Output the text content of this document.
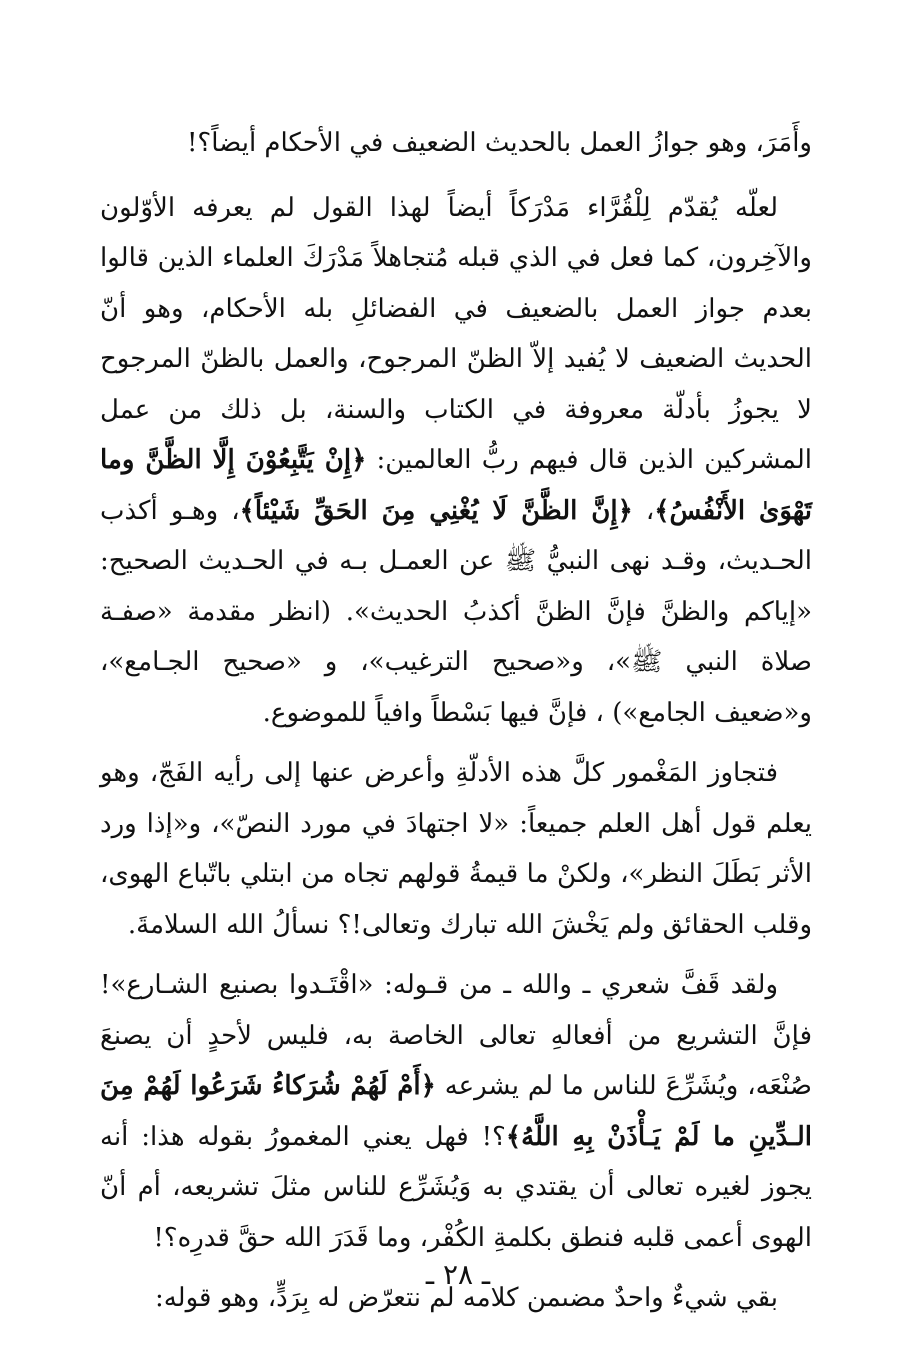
وأَمَرَ، وهو جوازُ العمل بالحديث الضعيف في الأحكام أيضاً؟!

لعلّه يُقدّم لِلْقُرَّاء مَدْرَكاً أيضاً لهذا القول لم يعرفه الأوّلون والآخِرون، كما فعل في الذي قبله مُتجاهلاً مَدْرَكَ العلماء الذين قالوا بعدم جواز العمل بالضعيف في الفضائلِ بله الأحكام، وهو أنّ الحديث الضعيف لا يُفيد إلاّ الظنّ المرجوح، والعمل بالظنّ المرجوح لا يجوزُ بأدلّة معروفة في الكتاب والسنة، بل ذلك من عمل المشركين الذين قال فيهم ربُّ العالمين: ﴿إِنْ يَتَّبِعُوْنَ إِلَّا الظَّنَّ وما تَهْوَىٰ الأَنْفُسُ﴾، ﴿إِنَّ الظَّنَّ لَا يُغْنِي مِنَ الحَقِّ شَيْئاً﴾، وهـو أكذب الحـديث، وقـد نهى النبيُّ ﷺ عن العمـل بـه في الحـديث الصحيح: «إياكم والظنَّ فإنَّ الظنَّ أكذبُ الحديث». (انظر مقدمة «صفـة صلاة النبي ﷺ»، و«صحيح الترغيب»، و «صحيح الجـامع»، و«ضعيف الجامع») ، فإنَّ فيها بَسْطاً وافياً للموضوع.

فتجاوز المَغْمور كلَّ هذه الأدلّةِ وأعرض عنها إلى رأيه الفَجّ، وهو يعلم قول أهل العلم جميعاً: «لا اجتهادَ في مورد النصّ»، و«إذا ورد الأثر بَطَلَ النظر»، ولكنْ ما قيمةُ قولهم تجاه من ابتلي باتّباع الهوى، وقلب الحقائق ولم يَخْشَ الله تبارك وتعالى!؟ نسألُ الله السلامةَ.

ولقد قَفَّ شعري ـ والله ـ من قـوله: «اقْتَـدوا بصنيع الشـارع»! فإنَّ التشريع من أفعالهِ تعالى الخاصة به، فليس لأحدٍ أن يصنعَ صُنْعَه، ويُشَرِّعَ للناس ما لم يشرعه ﴿أَمْ لَهُمْ شُرَكاءُ شَرَعُوا لَهُمْ مِنَ الـدِّينِ ما لَمْ يَـأْذَنْ بِهِ اللَّهُ﴾؟! فهل يعني المغمورُ بقوله هذا: أنه يجوز لغيره تعالى أن يقتدي به وَيُشَرِّع للناس مثلَ تشريعه، أم أنّ الهوى أعمى قلبه فنطق بكلمةِ الكُفْر، وما قَدَرَ الله حقَّ قدرِه؟!

بقي شيءٌ واحدٌ مضىمن كلامه لم نتعرّض له بِرَدٍّ، وهو قوله:

ـ ٢٨ ـ
